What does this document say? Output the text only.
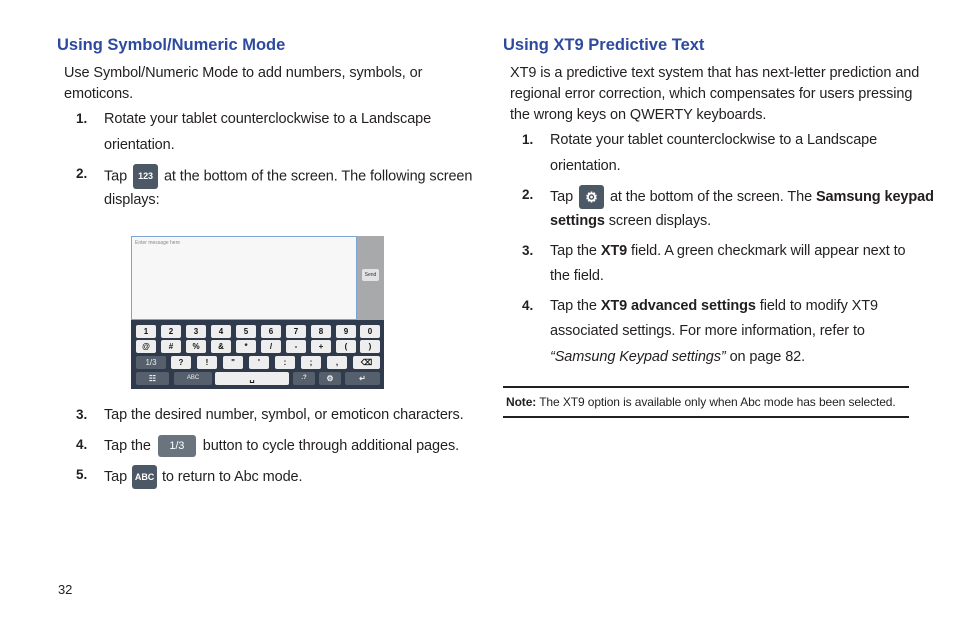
Using Symbol/Numeric Mode
Use Symbol/Numeric Mode to add numbers, symbols, or
emoticons.
1. Rotate your tablet counterclockwise to a Landscape
orientation.
2. Tap 123 at the bottom of the screen. The following screen
displays:
Enter message here
Send
1	2	3	4	5	6	7	8	9	0
@	#	%	&	*	/	-	+	(	)
1/3	?	!	"	'	:	;	,	⌫
☷	ABC	␣	.?	⚙	↵
3. Tap the desired number, symbol, or emoticon characters.
4. Tap the 1/3 button to cycle through additional pages.
5. Tap ABC to return to Abc mode.
Using XT9 Predictive Text
XT9 is a predictive text system that has next-letter prediction and
regional error correction, which compensates for users pressing
the wrong keys on QWERTY keyboards.
1. Rotate your tablet counterclockwise to a Landscape
orientation.
2. Tap ⚙ at the bottom of the screen. The Samsung keypad
settings screen displays.
3. Tap the XT9 field. A green checkmark will appear next to
the field.
4. Tap the XT9 advanced settings field to modify XT9
associated settings. For more information, refer to
“Samsung Keypad settings” on page 82.
Note: The XT9 option is available only when Abc mode has been selected.
32
